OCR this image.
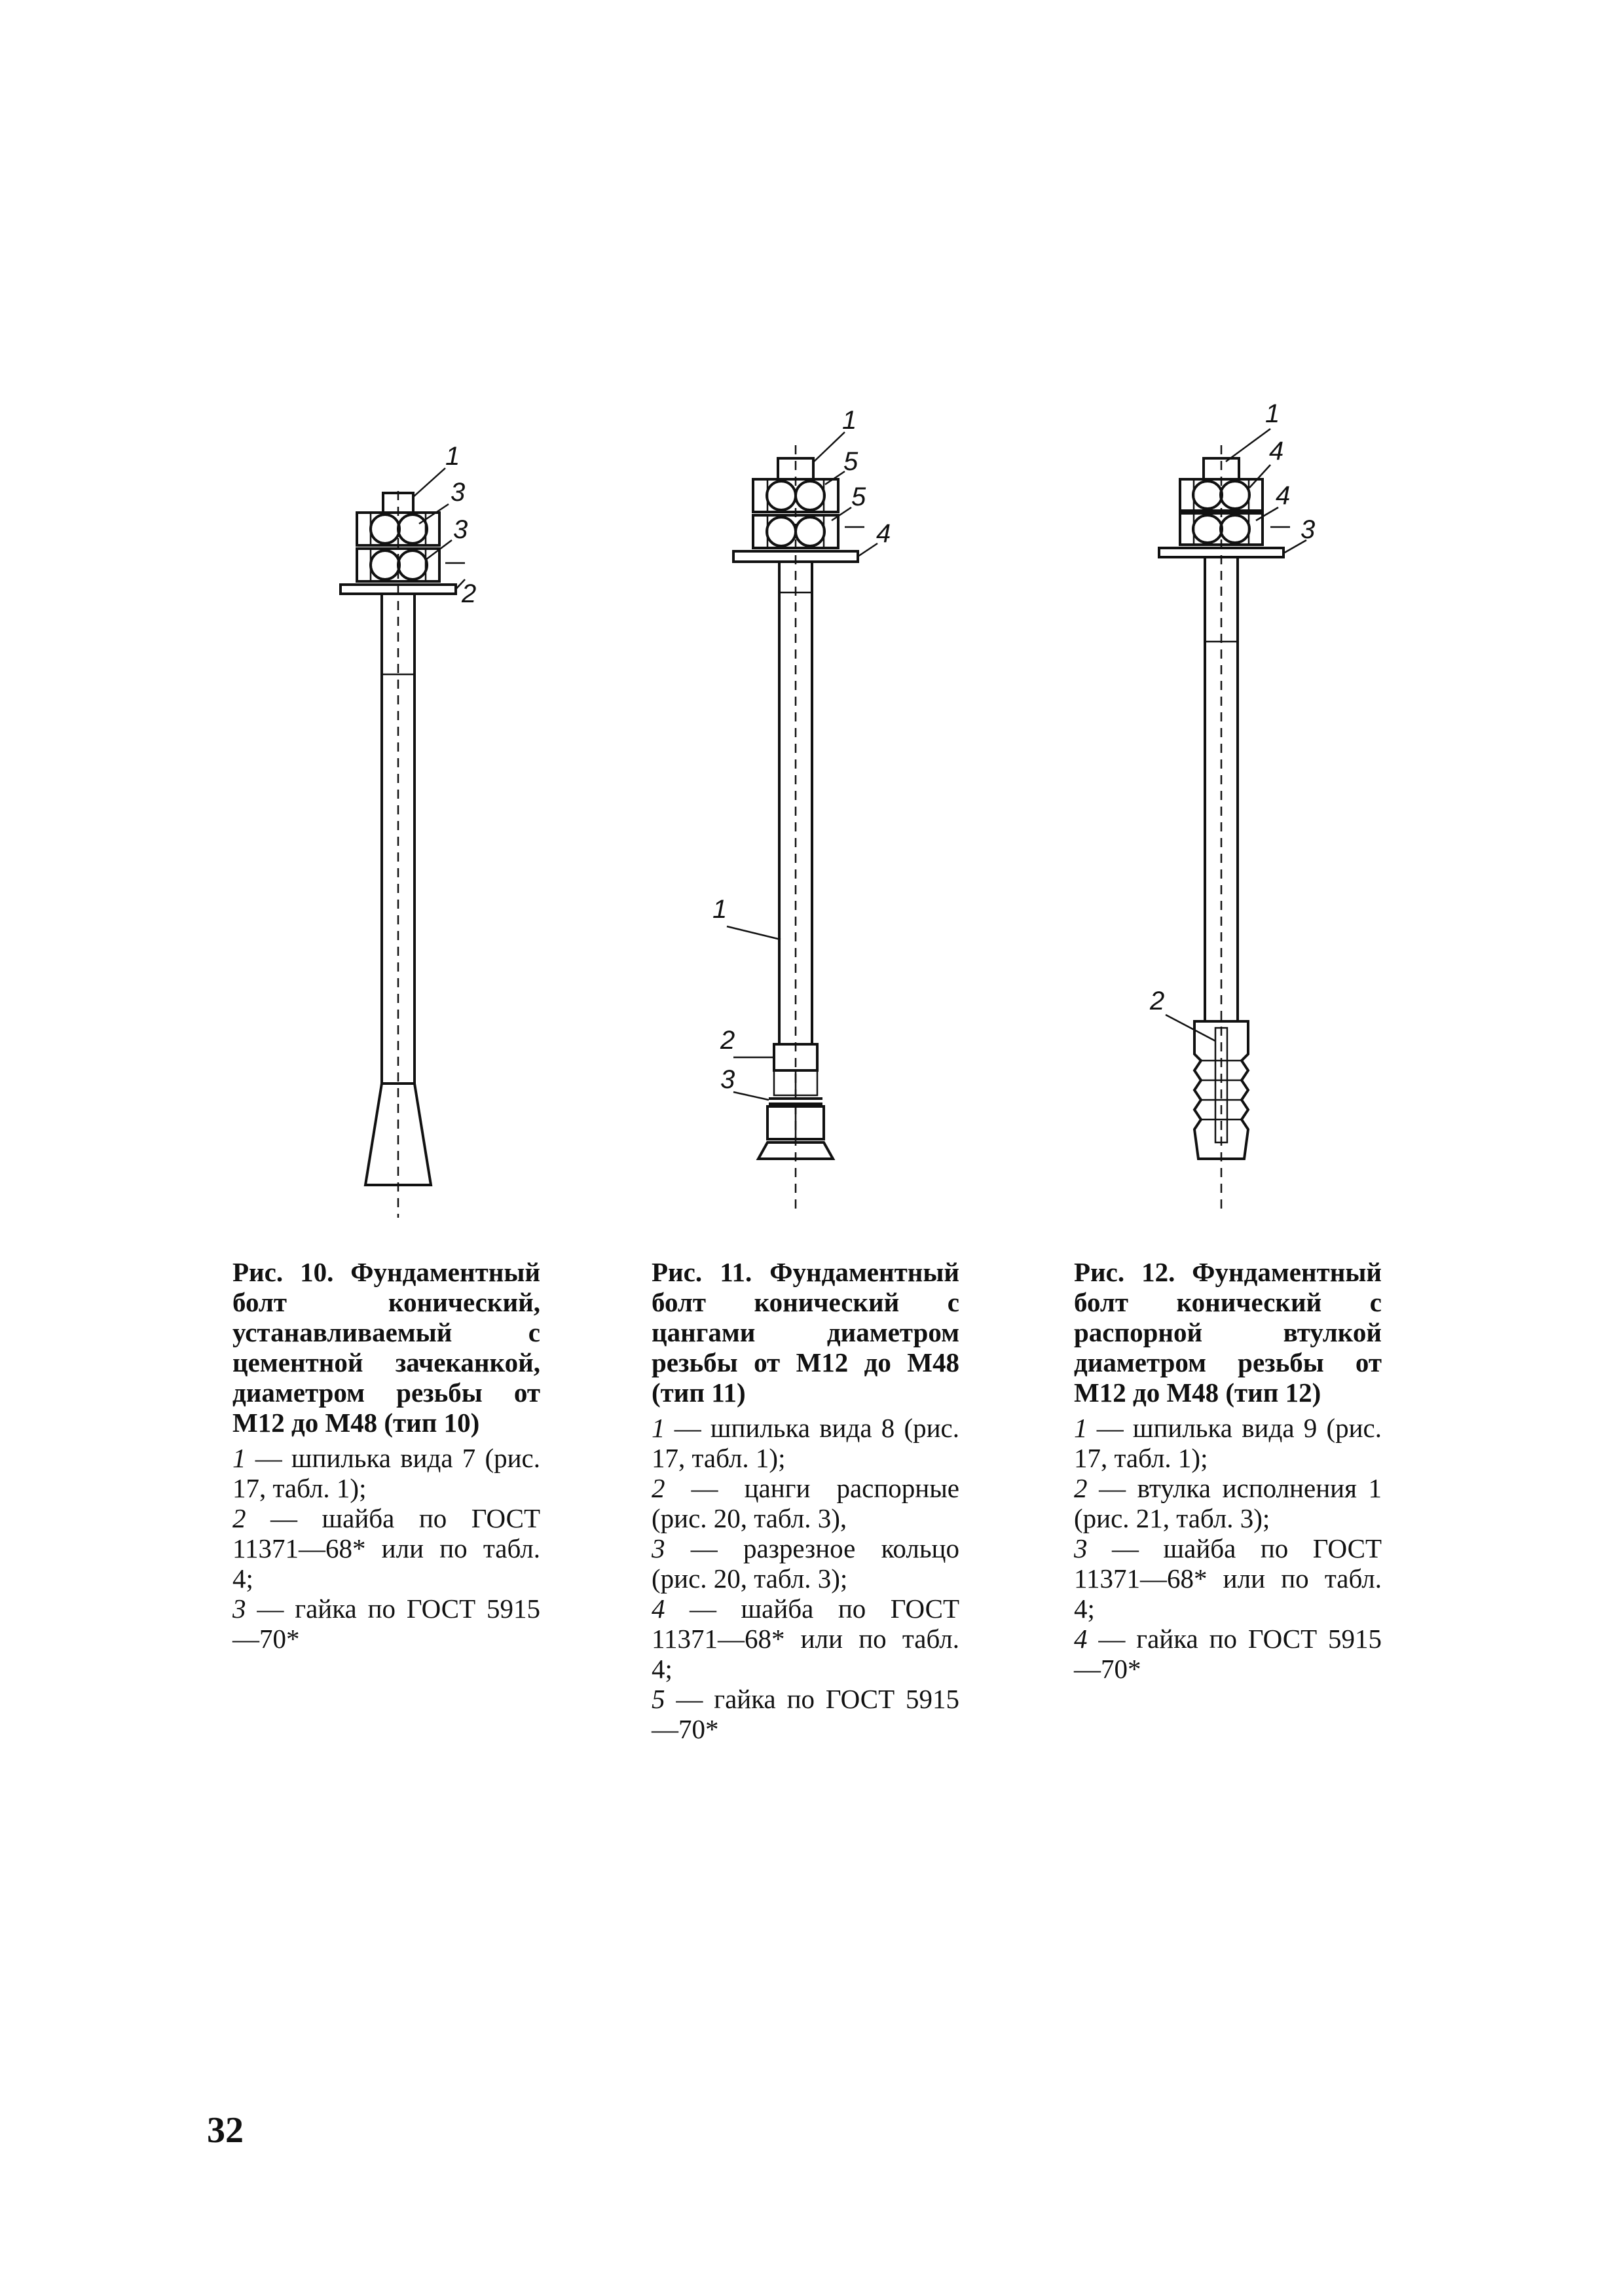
1
3
3
2
1
5
5
4
1
2
3
1
4
4
3
2

Рис. 10. Фундаментный болт конический, устанавливаемый с цементной зачеканкой, диаметром резьбы от М12 до М48 (тип 10)

1 — шпилька вида 7 (рис. 17, табл. 1);

2 — шайба по ГОСТ 11371—68* или по табл. 4;

3 — гайка по ГОСТ 5915—70*

Рис. 11. Фундаментный болт конический с цангами диаметром резьбы от М12 до М48 (тип 11)

1 — шпилька вида 8 (рис. 17, табл. 1);

2 — цанги распорные (рис. 20, табл. 3),

3 — разрезное кольцо (рис. 20, табл. 3);

4 — шайба по ГОСТ 11371—68* или по табл. 4;

5 — гайка по ГОСТ 5915—70*

Рис. 12. Фундаментный болт конический с распорной втулкой диаметром резьбы от М12 до М48 (тип 12)

1 — шпилька вида 9 (рис. 17, табл. 1);

2 — втулка исполнения 1 (рис. 21, табл. 3);

3 — шайба по ГОСТ 11371—68* или по табл. 4;

4 — гайка по ГОСТ 5915—70*

32
